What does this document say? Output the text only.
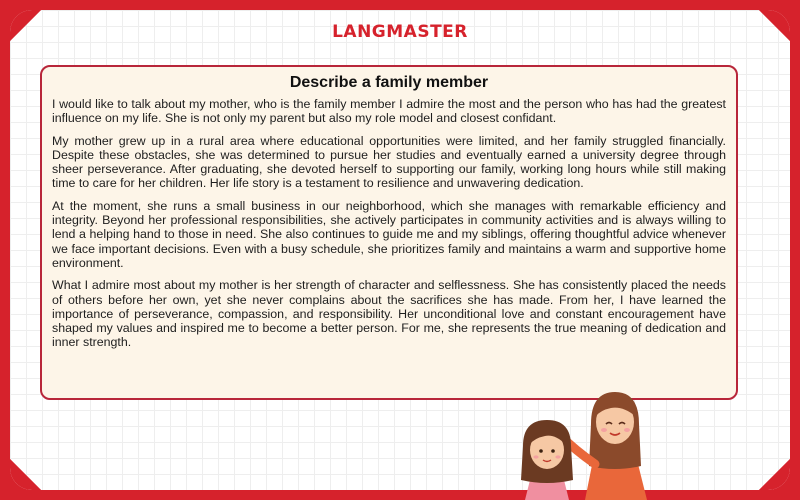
LANGMASTER
Describe a family member

I would like to talk about my mother, who is the family member I admire the most and the person who has had the greatest influence on my life. She is not only my parent but also my role model and closest confidant.

My mother grew up in a rural area where educational opportunities were limited, and her family struggled financially. Despite these obstacles, she was determined to pursue her studies and eventually earned a university degree through sheer perseverance. After graduating, she devoted herself to supporting our family, working long hours while still making time to care for her children. Her life story is a testament to resilience and unwavering dedication.

At the moment, she runs a small business in our neighborhood, which she manages with remarkable efficiency and integrity. Beyond her professional responsibilities, she actively participates in community activities and is always willing to lend a helping hand to those in need. She also continues to guide me and my siblings, offering thoughtful advice whenever we face important decisions. Even with a busy schedule, she prioritizes family and maintains a warm and supportive home environment.

What I admire most about my mother is her strength of character and selflessness. She has consistently placed the needs of others before her own, yet she never complains about the sacrifices she has made. From her, I have learned the importance of perseverance, compassion, and responsibility. Her unconditional love and constant encouragement have shaped my values and inspired me to become a better person. For me, she represents the true meaning of dedication and inner strength.
